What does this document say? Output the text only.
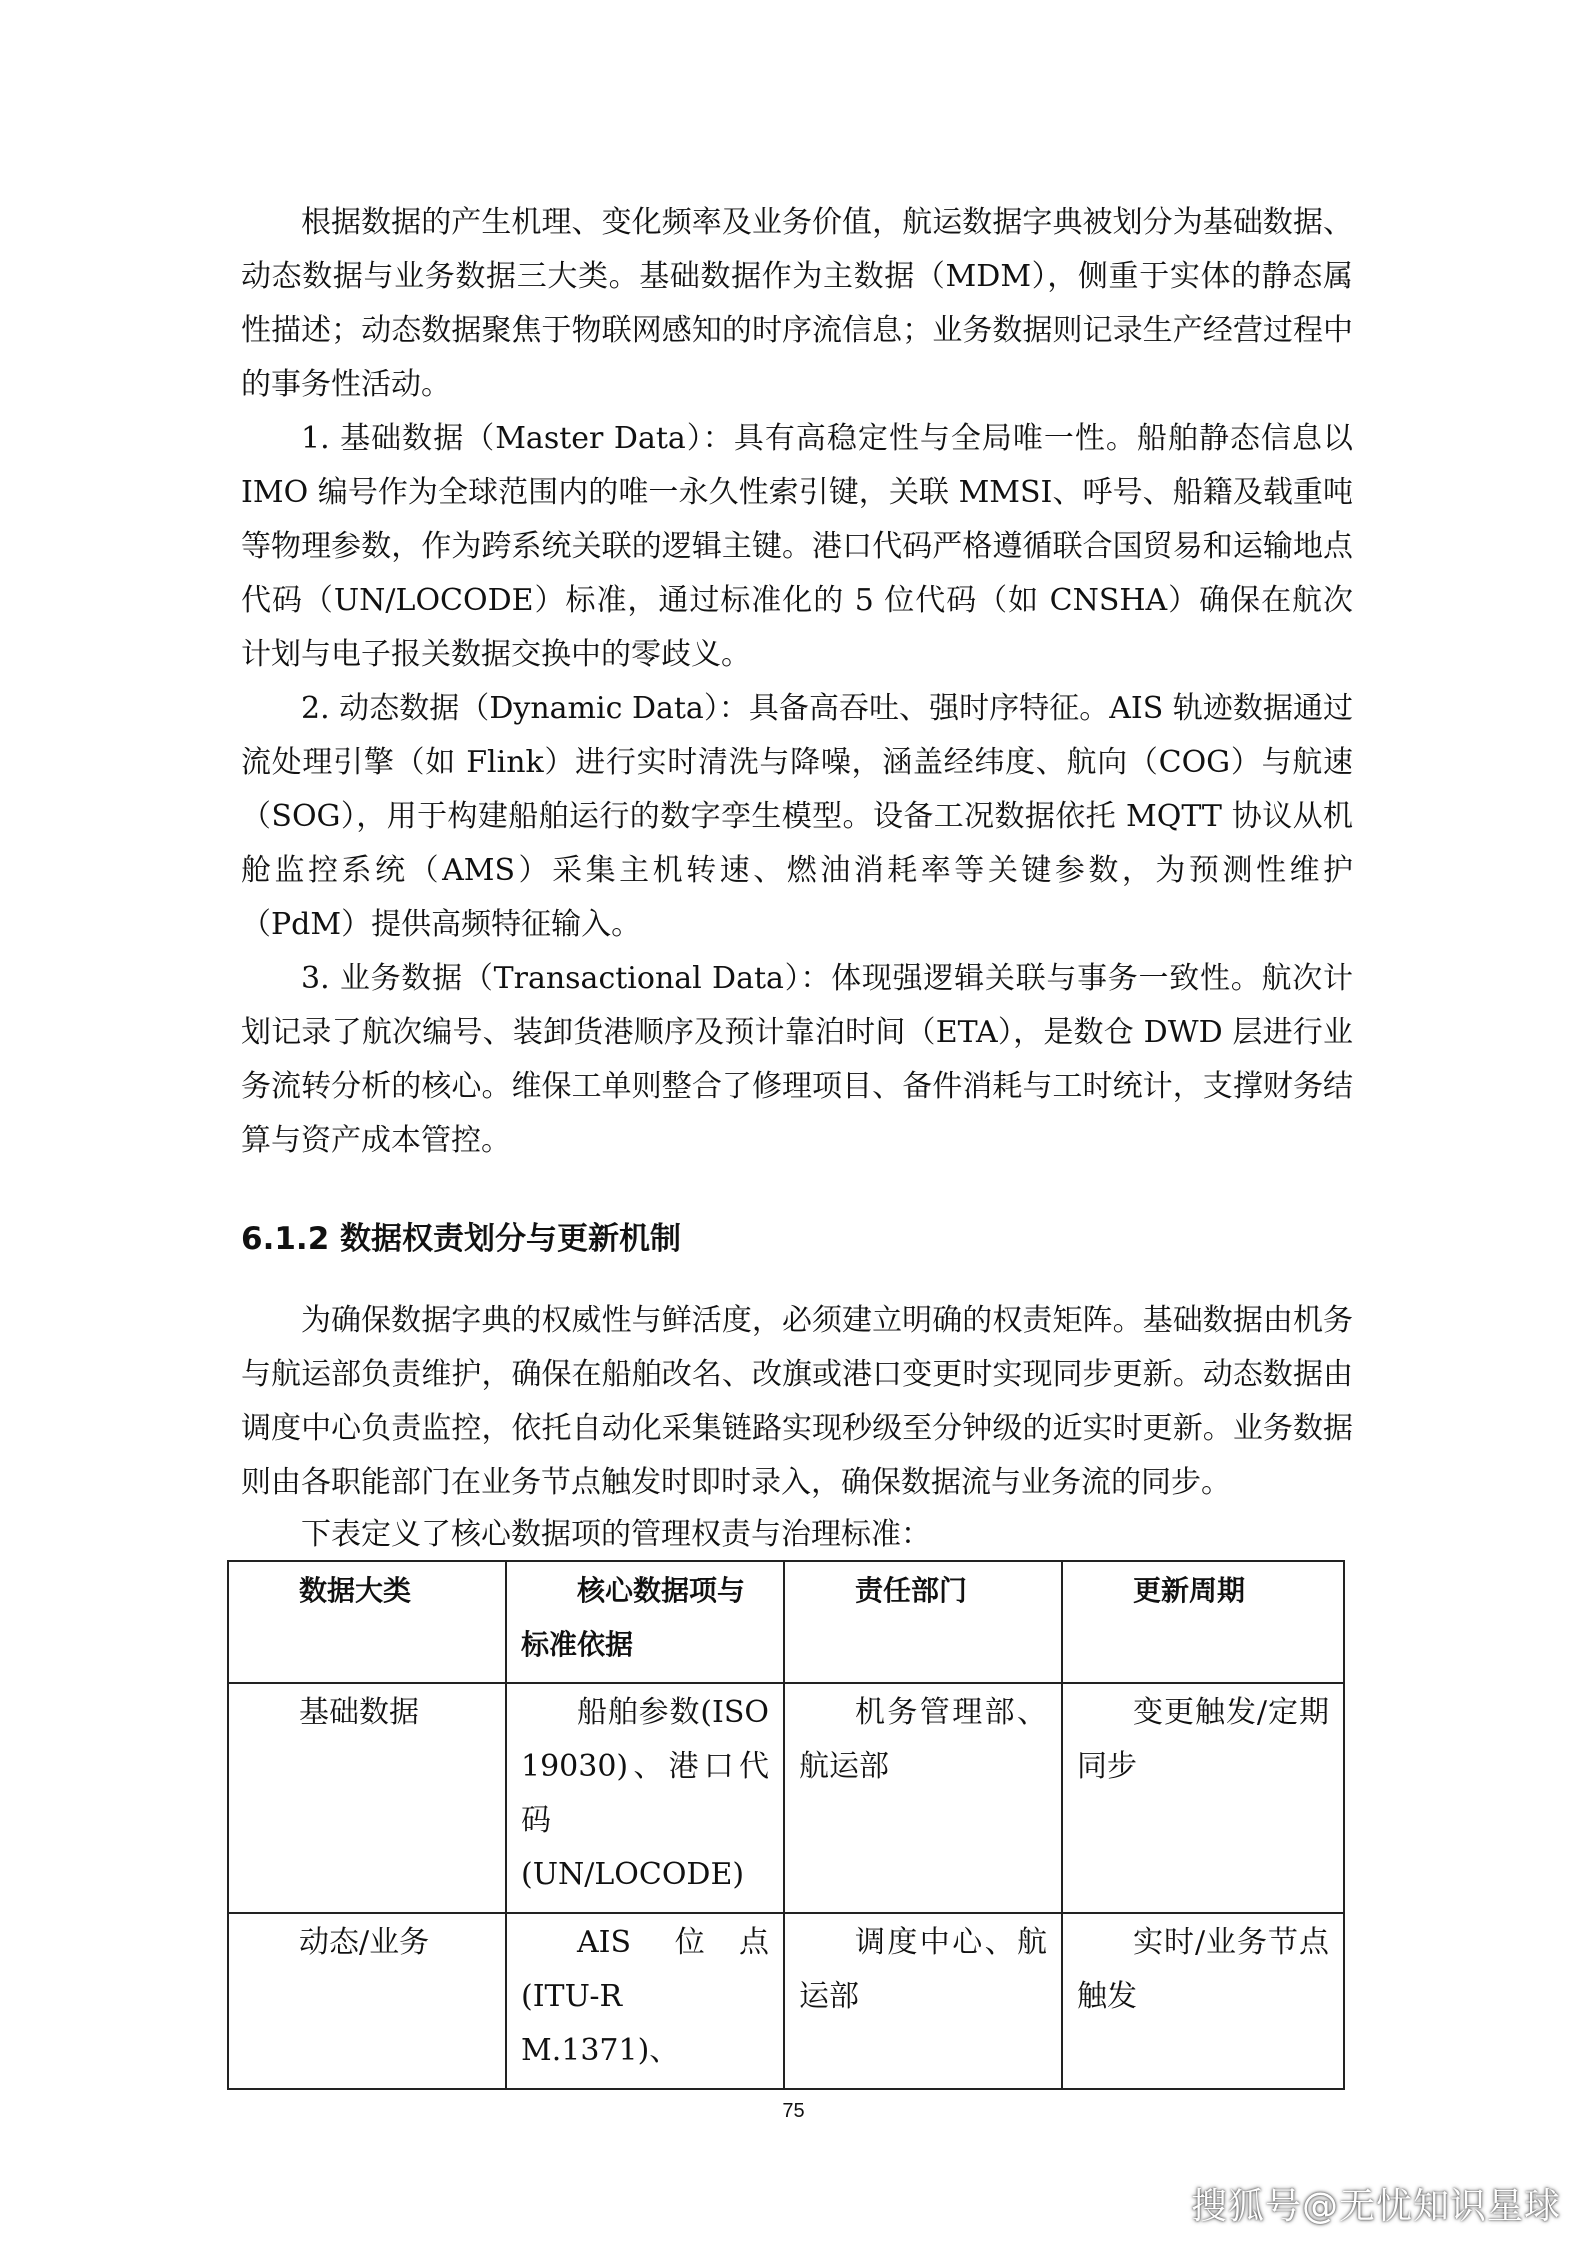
根据数据的产生机理、变化频率及业务价值，航运数据字典被划分为基础数据、动态数据与业务数据三大类。基础数据作为主数据（MDM），侧重于实体的静态属性描述；动态数据聚焦于物联网感知的时序流信息；业务数据则记录生产经营过程中的事务性活动。

1. 基础数据（Master Data）：具有高稳定性与全局唯一性。船舶静态信息以 IMO 编号作为全球范围内的唯一永久性索引键，关联 MMSI、呼号、船籍及载重吨等物理参数，作为跨系统关联的逻辑主键。港口代码严格遵循联合国贸易和运输地点代码（UN/LOCODE）标准，通过标准化的 5 位代码（如 CNSHA）确保在航次计划与电子报关数据交换中的零歧义。

2. 动态数据（Dynamic Data）：具备高吞吐、强时序特征。AIS 轨迹数据通过流处理引擎（如 Flink）进行实时清洗与降噪，涵盖经纬度、航向（COG）与航速（SOG），用于构建船舶运行的数字孪生模型。设备工况数据依托 MQTT 协议从机舱监控系统（AMS）采集主机转速、燃油消耗率等关键参数，为预测性维护（PdM）提供高频特征输入。

3. 业务数据（Transactional Data）：体现强逻辑关联与事务一致性。航次计划记录了航次编号、装卸货港顺序及预计靠泊时间（ETA），是数仓 DWD 层进行业务流转分析的核心。维保工单则整合了修理项目、备件消耗与工时统计，支撑财务结算与资产成本管控。

6.1.2 数据权责划分与更新机制

为确保数据字典的权威性与鲜活度，必须建立明确的权责矩阵。基础数据由机务与航运部负责维护，确保在船舶改名、改旗或港口变更时实现同步更新。动态数据由调度中心负责监控，依托自动化采集链路实现秒级至分钟级的近实时更新。业务数据则由各职能部门在业务节点触发时即时录入，确保数据流与业务流的同步。

下表定义了核心数据项的管理权责与治理标准：

数据大类	核心数据项与标准依据	责任部门	更新周期
基础数据	船舶参数(ISO 19030)、港口代码(UN/LOCODE)	机务管理部、航运部	变更触发/定期同步
动态/业务	AIS 位点(ITU-R M.1371)、	调度中心、航运部	实时/业务节点触发
75
搜狐号@无忧知识星球
